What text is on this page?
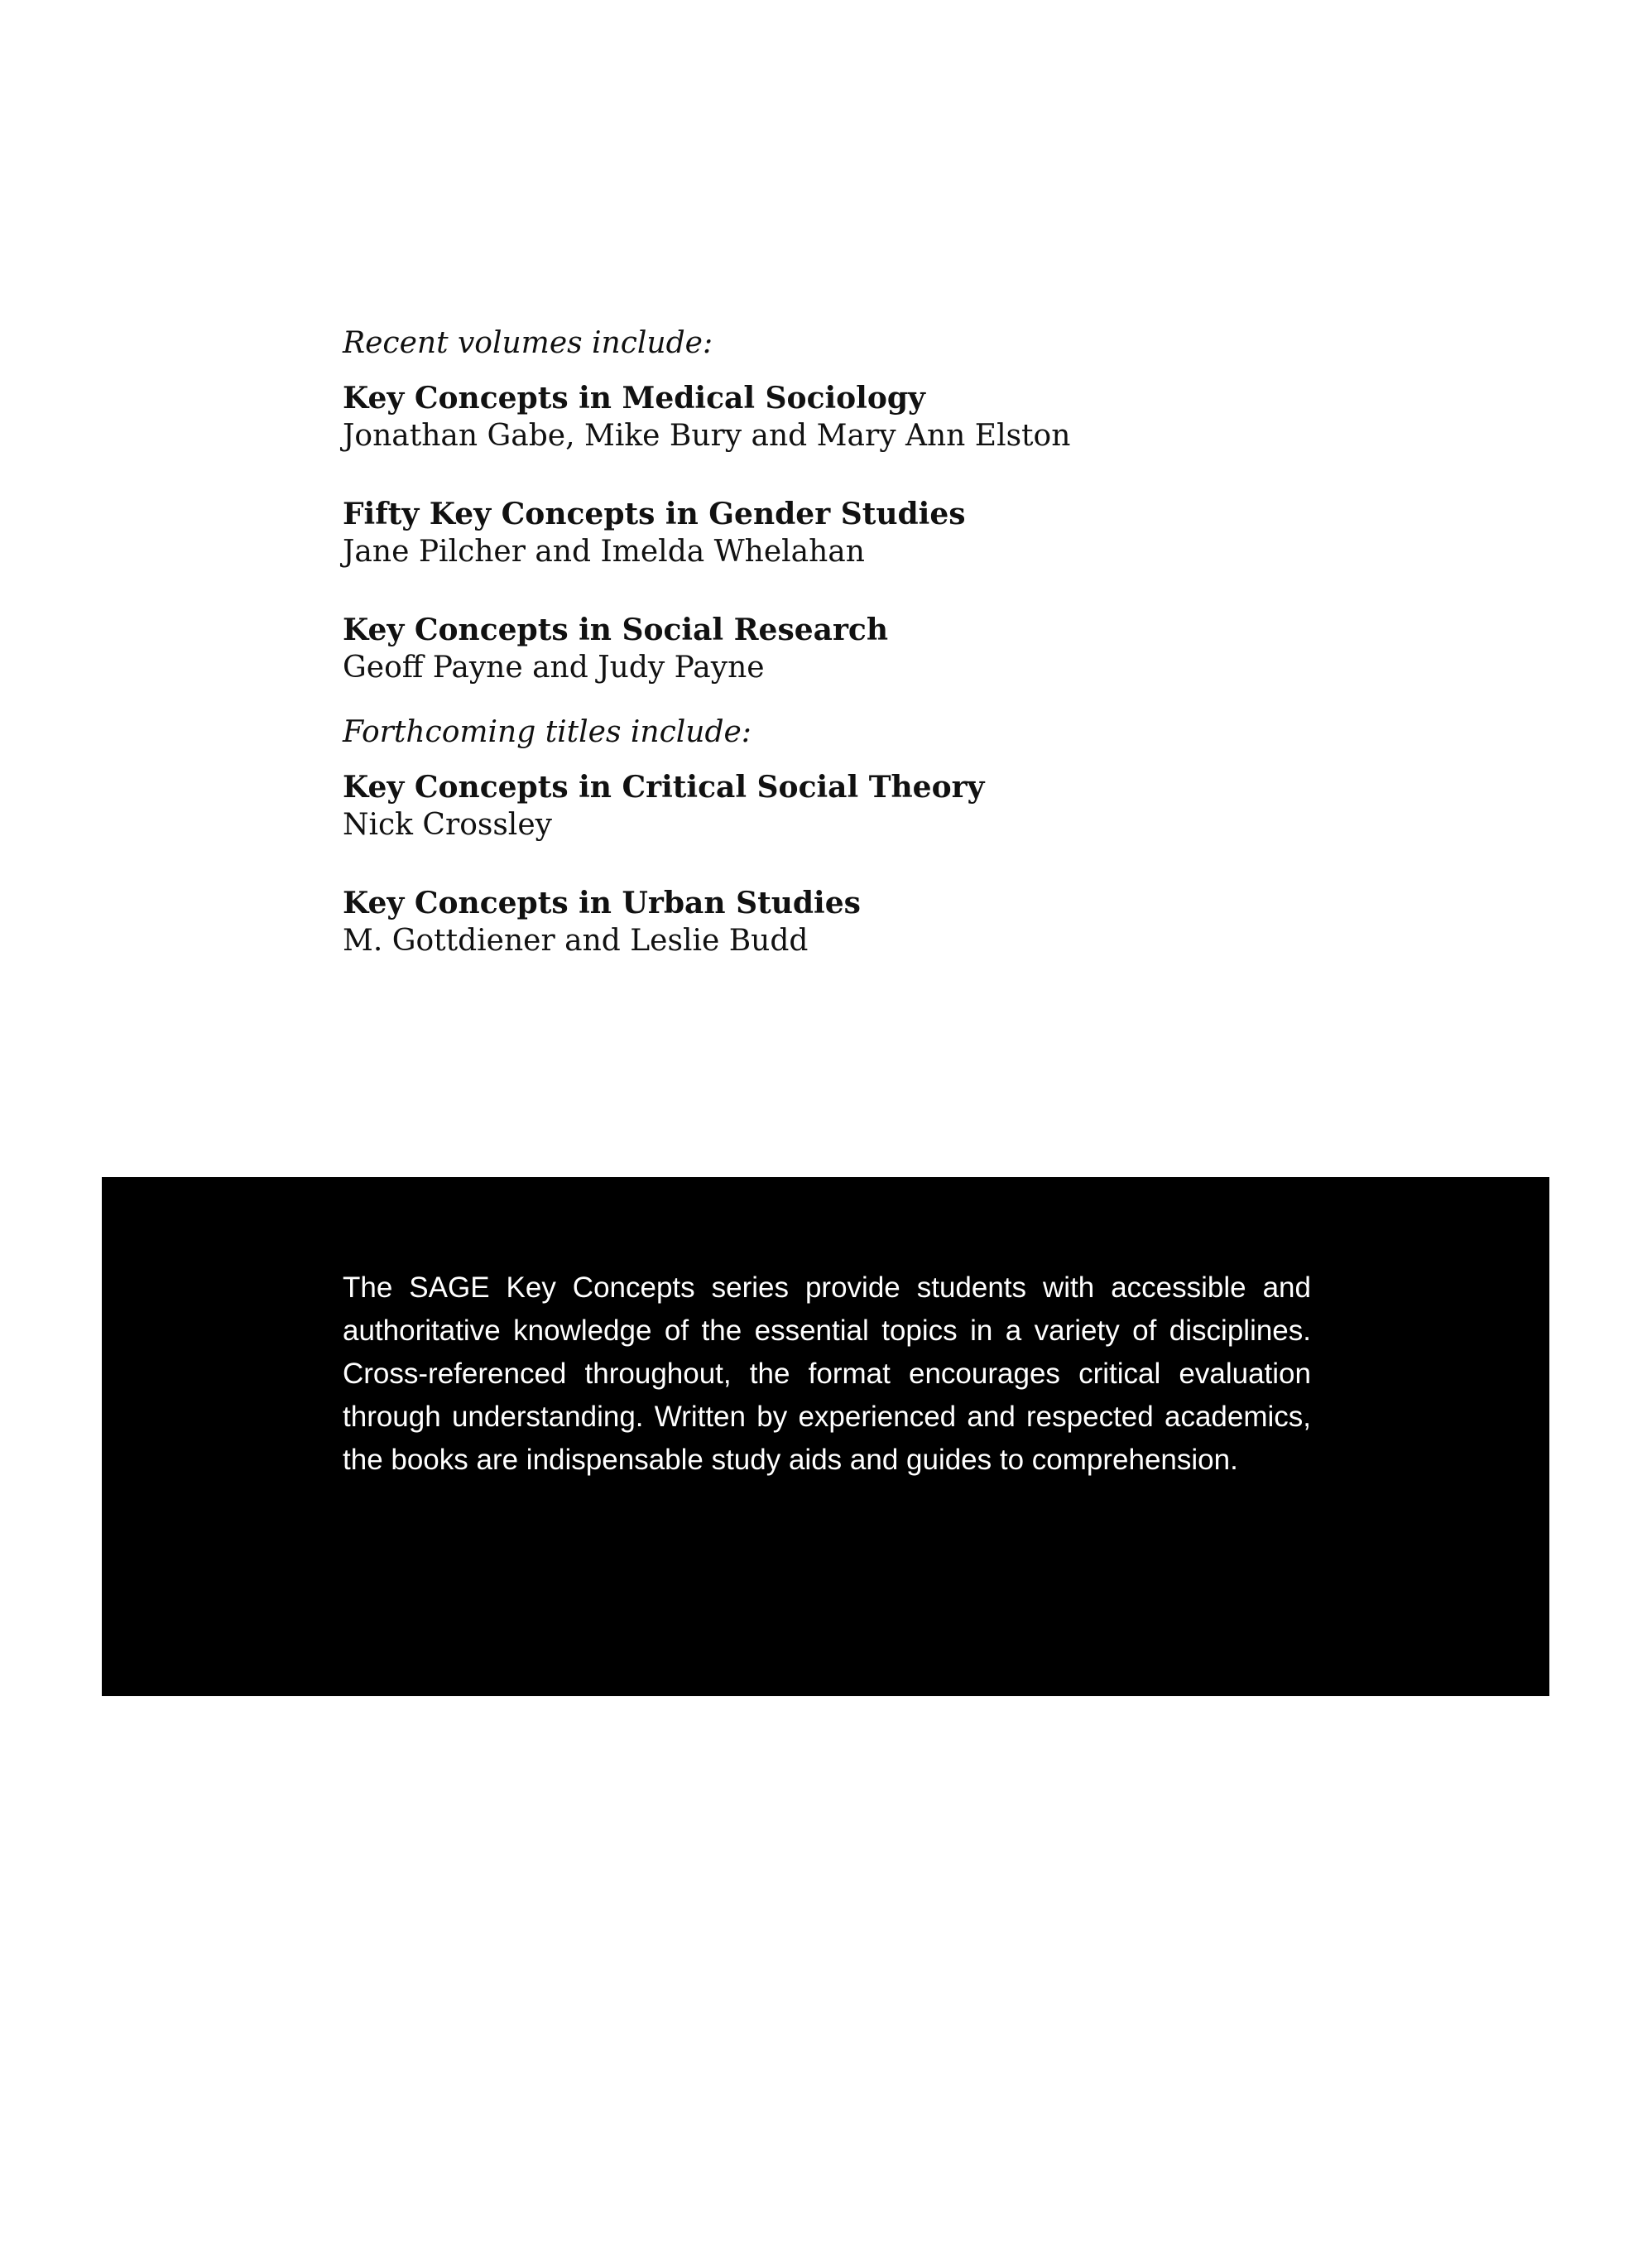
Recent volumes include:

Key Concepts in Medical Sociology
Jonathan Gabe, Mike Bury and Mary Ann Elston
Fifty Key Concepts in Gender Studies
Jane Pilcher and Imelda Whelahan
Key Concepts in Social Research
Geoff Payne and Judy Payne

Forthcoming titles include:

Key Concepts in Critical Social Theory
Nick Crossley
Key Concepts in Urban Studies
M. Gottdiener and Leslie Budd

The SAGE Key Concepts series provide students with accessible and authoritative knowledge of the essential topics in a variety of disciplines. Cross-referenced throughout, the format encourages critical evaluation through understanding. Written by experienced and respected academics, the books are indispensable study aids and guides to comprehension.
